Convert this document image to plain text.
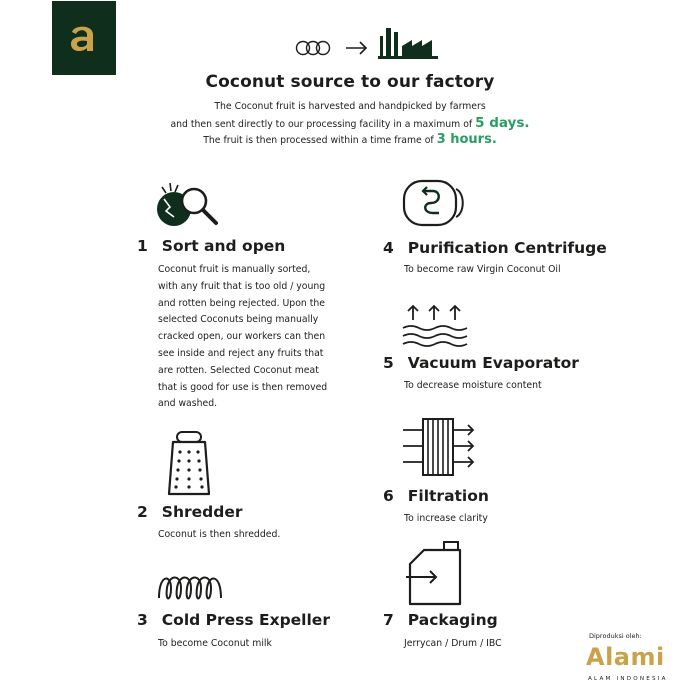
Coconut source to our factory
The Coconut fruit is harvested and handpicked by farmers
and then sent directly to our processing facility in a maximum of 5 days.
The fruit is then processed within a time frame of 3 hours.
1 Sort and open
Coconut fruit is manually sorted,
with any fruit that is too old / young
and rotten being rejected. Upon the
selected Coconuts being manually
cracked open, our workers can then
see inside and reject any fruits that
are rotten. Selected Coconut meat
that is good for use is then removed
and washed.
2 Shredder
Coconut is then shredded.
3 Cold Press Expeller
To become Coconut milk
4 Purification Centrifuge
To become raw Virgin Coconut Oil
5 Vacuum Evaporator
To decrease moisture content
6 Filtration
To increase clarity
7 Packaging
Jerrycan / Drum / IBC
Diproduksi oleh:
Alami
ALAM INDONESIA
